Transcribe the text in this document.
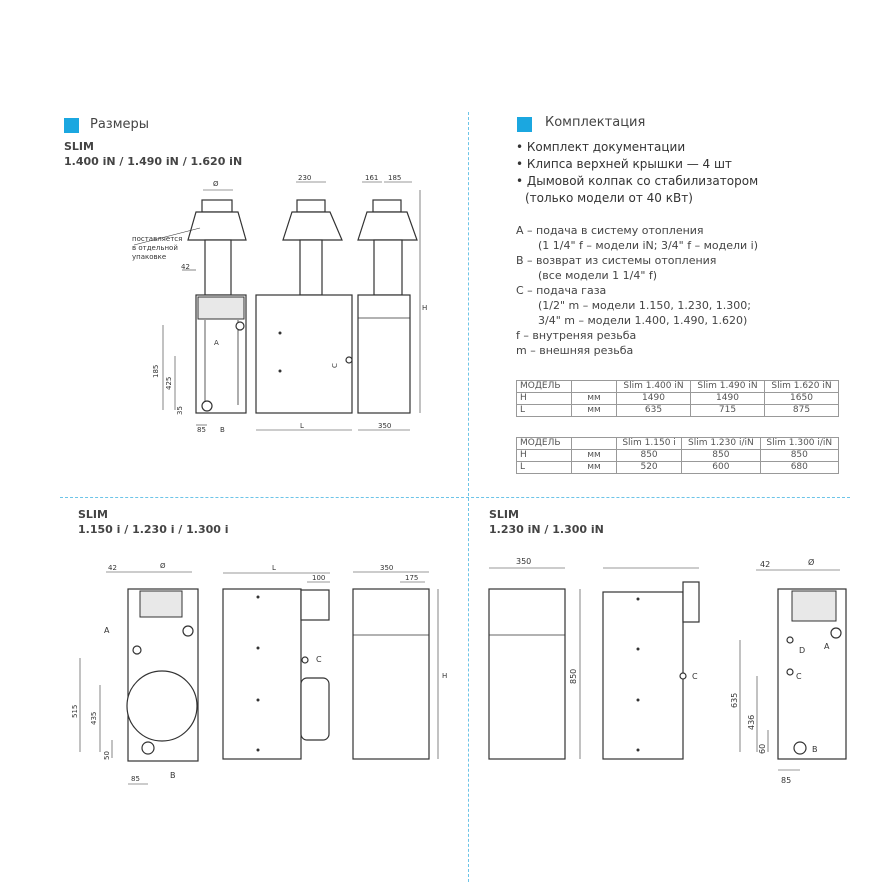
Размеры	Комплектация
SLIM
1.400 iN / 1.490 iN / 1.620 iN
SLIM
1.150 i / 1.230 i / 1.300 i
SLIM
1.230 iN / 1.300 iN
• Комплект документации
• Клипса верхней крышки — 4 шт
• Дымовой колпак со стабилизатором
(только модели от 40 кВт)
A – подача в систему отопления
(1 1/4" f – модели iN; 3/4" f – модели i)
B – возврат из системы отопления
(все модели 1 1/4" f)
C – подача газа
(1/2" m – модели 1.150, 1.230, 1.300;
3/4" m – модели 1.400, 1.490, 1.620)
f – внутреняя резьба
m – внешняя резьба
МОДЕЛЬ		Slim 1.400 iN	Slim 1.490 iN	Slim 1.620 iN
H	мм	1490	1490	1650
L	мм	635	715	875
МОДЕЛЬ		Slim 1.150 i	Slim 1.230 i/iN	Slim 1.300 i/iN
H	мм	850	850	850
L	мм	520	600	680
Ø
поставляется
в отдельной
упаковке
42
185
425
35
85
A
B	L
230
C
161 185
H
350
42	Ø
515
435
50
85
A
B
L
100
C
350
175
H
350
850	C
42	Ø
635
436
60
85
A
D
C
B
